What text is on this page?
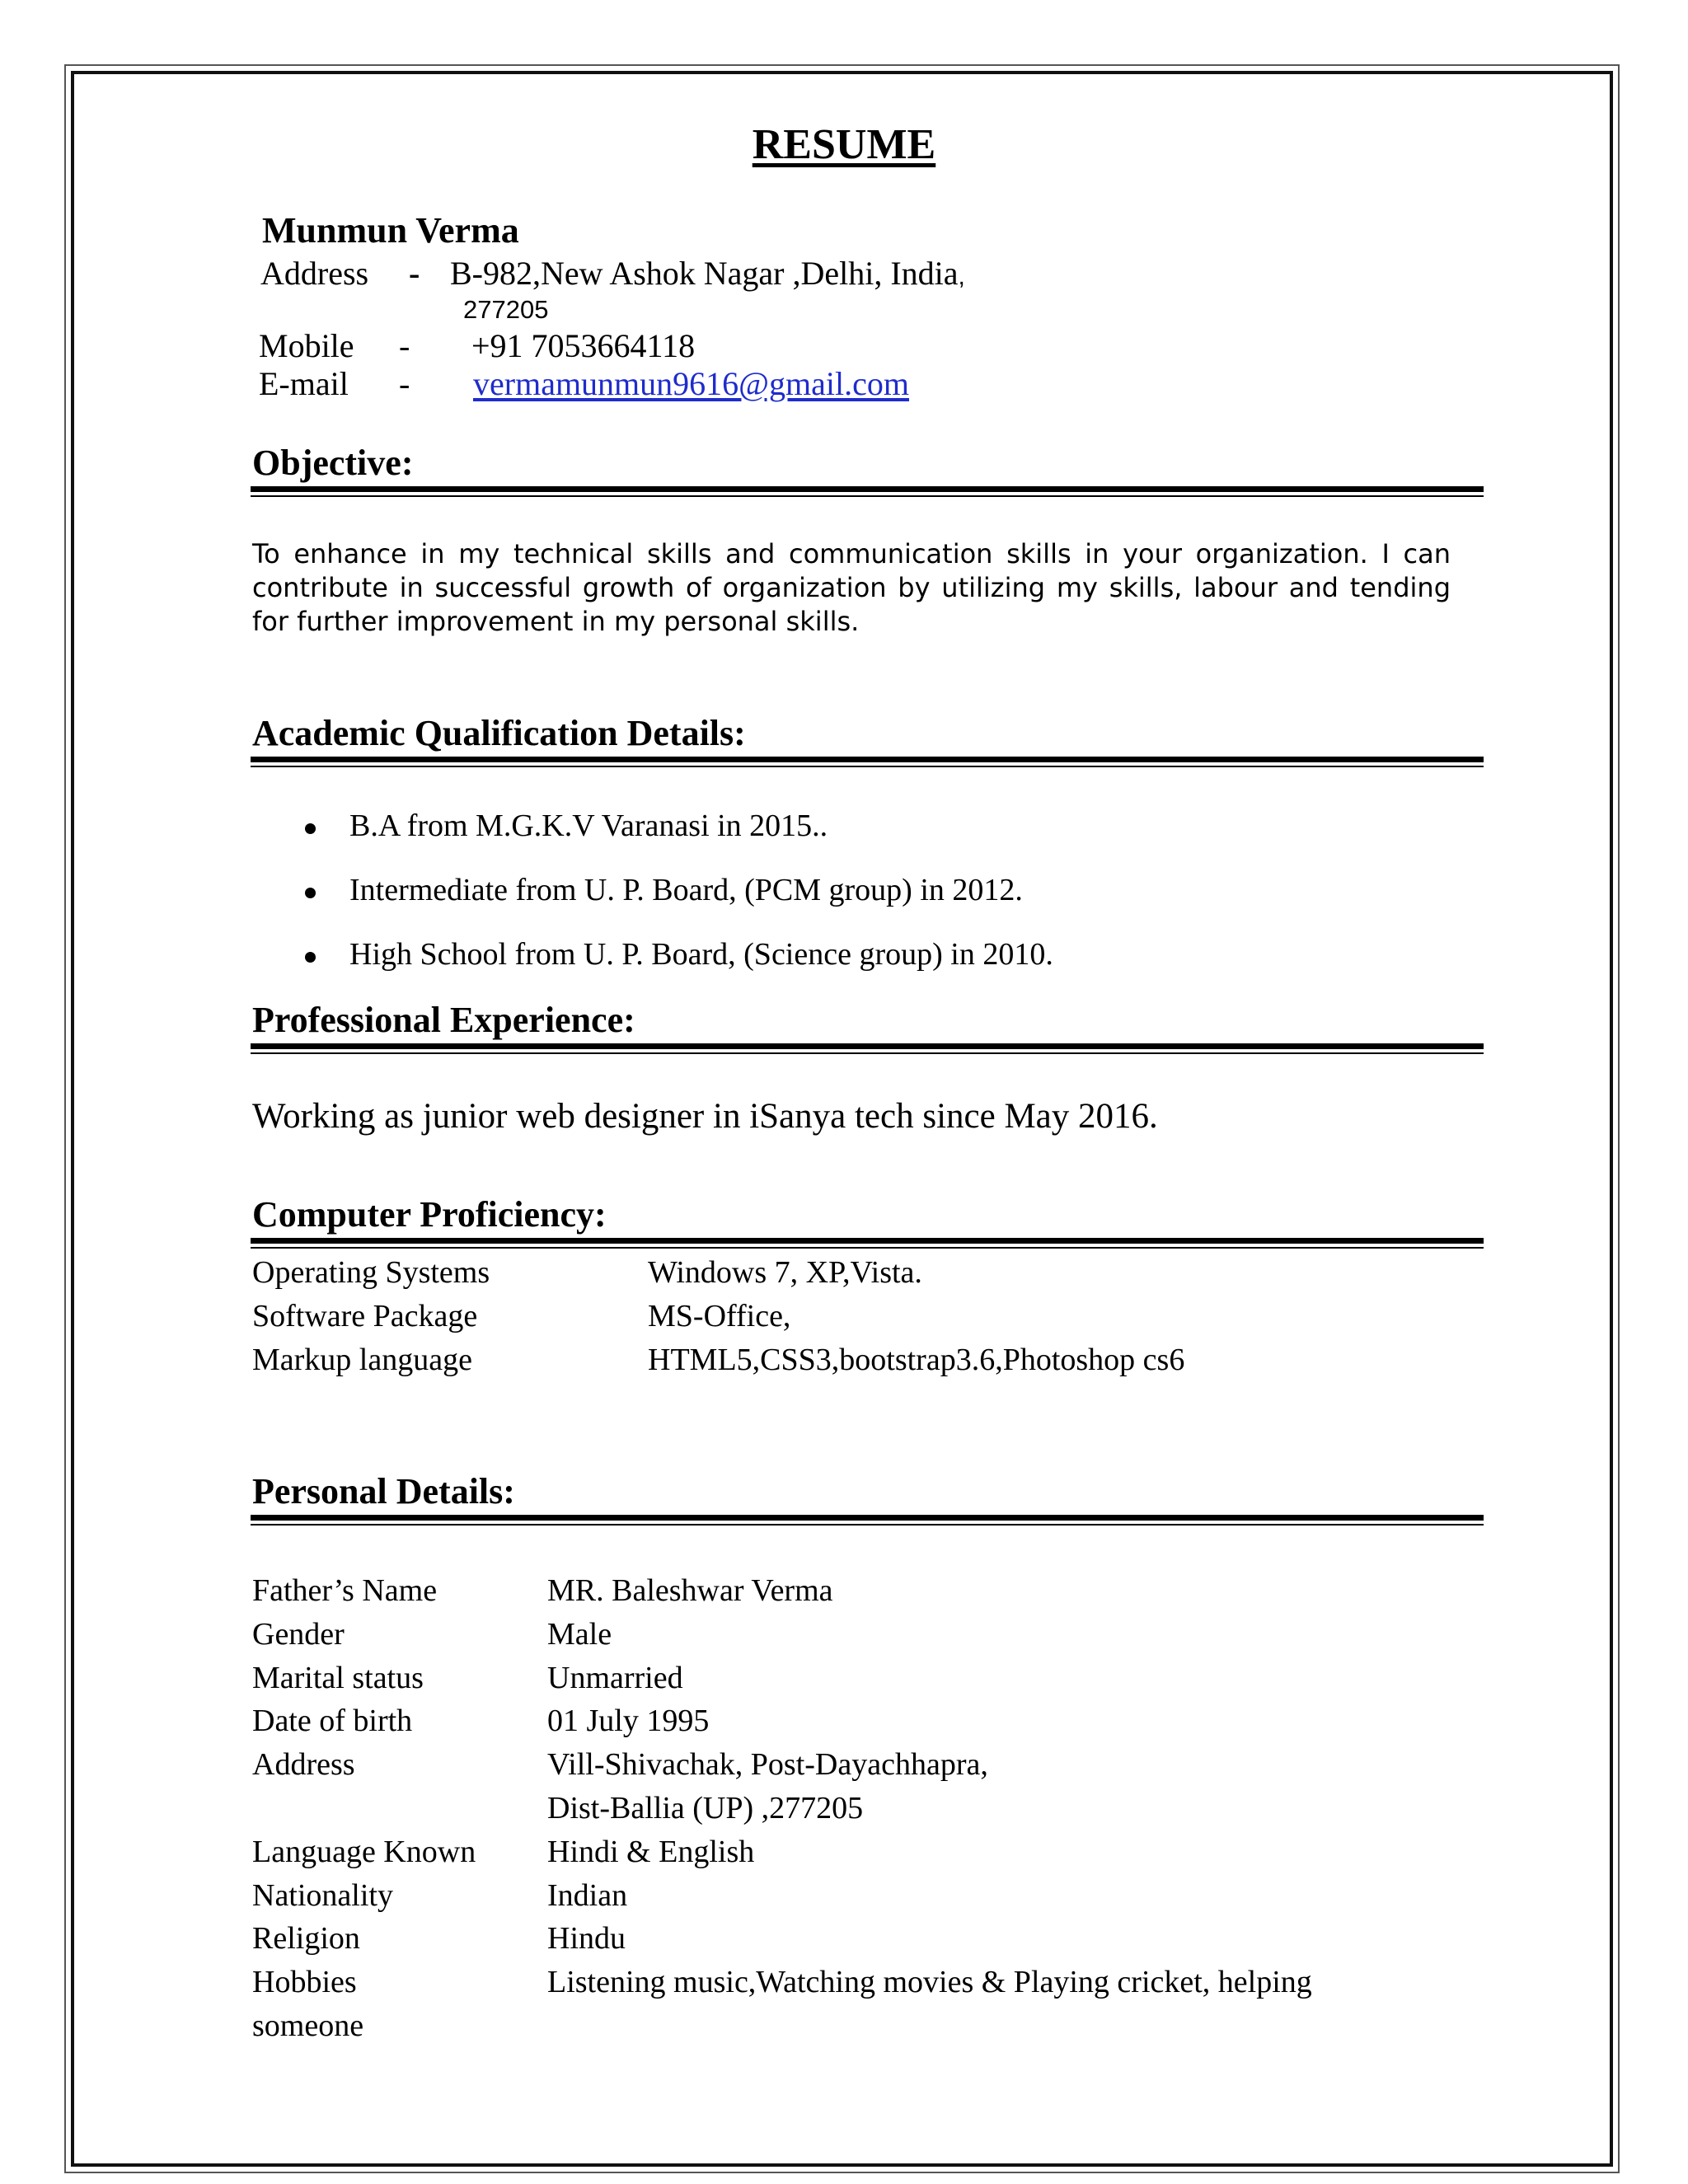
RESUME
Munmun Verma
Address - B-982,New Ashok Nagar ,Delhi, India,
277205
Mobile - +91 7053664118
E-mail - vermamunmun9616@gmail.com
Objective:
To enhance in my technical skills and communication skills in your organization. I can contribute in successful growth of organization by utilizing my skills, labour and tending for further improvement in my personal skills.
Academic Qualification Details:
B.A from M.G.K.V Varanasi in 2015..
Intermediate from U. P. Board, (PCM group) in 2012.
High School from U. P. Board, (Science group) in 2010.
Professional Experience:
Working as junior web designer in iSanya tech since May 2016.
Computer Proficiency:
Operating Systems	Windows 7, XP,Vista.
Software Package	MS-Office,
Markup language	HTML5,CSS3,bootstrap3.6,Photoshop cs6
Personal Details:
Father’s Name	MR. Baleshwar Verma
Gender	Male
Marital status	Unmarried
Date of birth	01 July 1995
Address	Vill-Shivachak, Post-Dayachhapra,
Dist-Ballia (UP) ,277205
Language Known Hindi & English
Nationality	Indian
Religion	Hindu
Hobbies	Listening music,Watching movies & Playing cricket, helping
someone
